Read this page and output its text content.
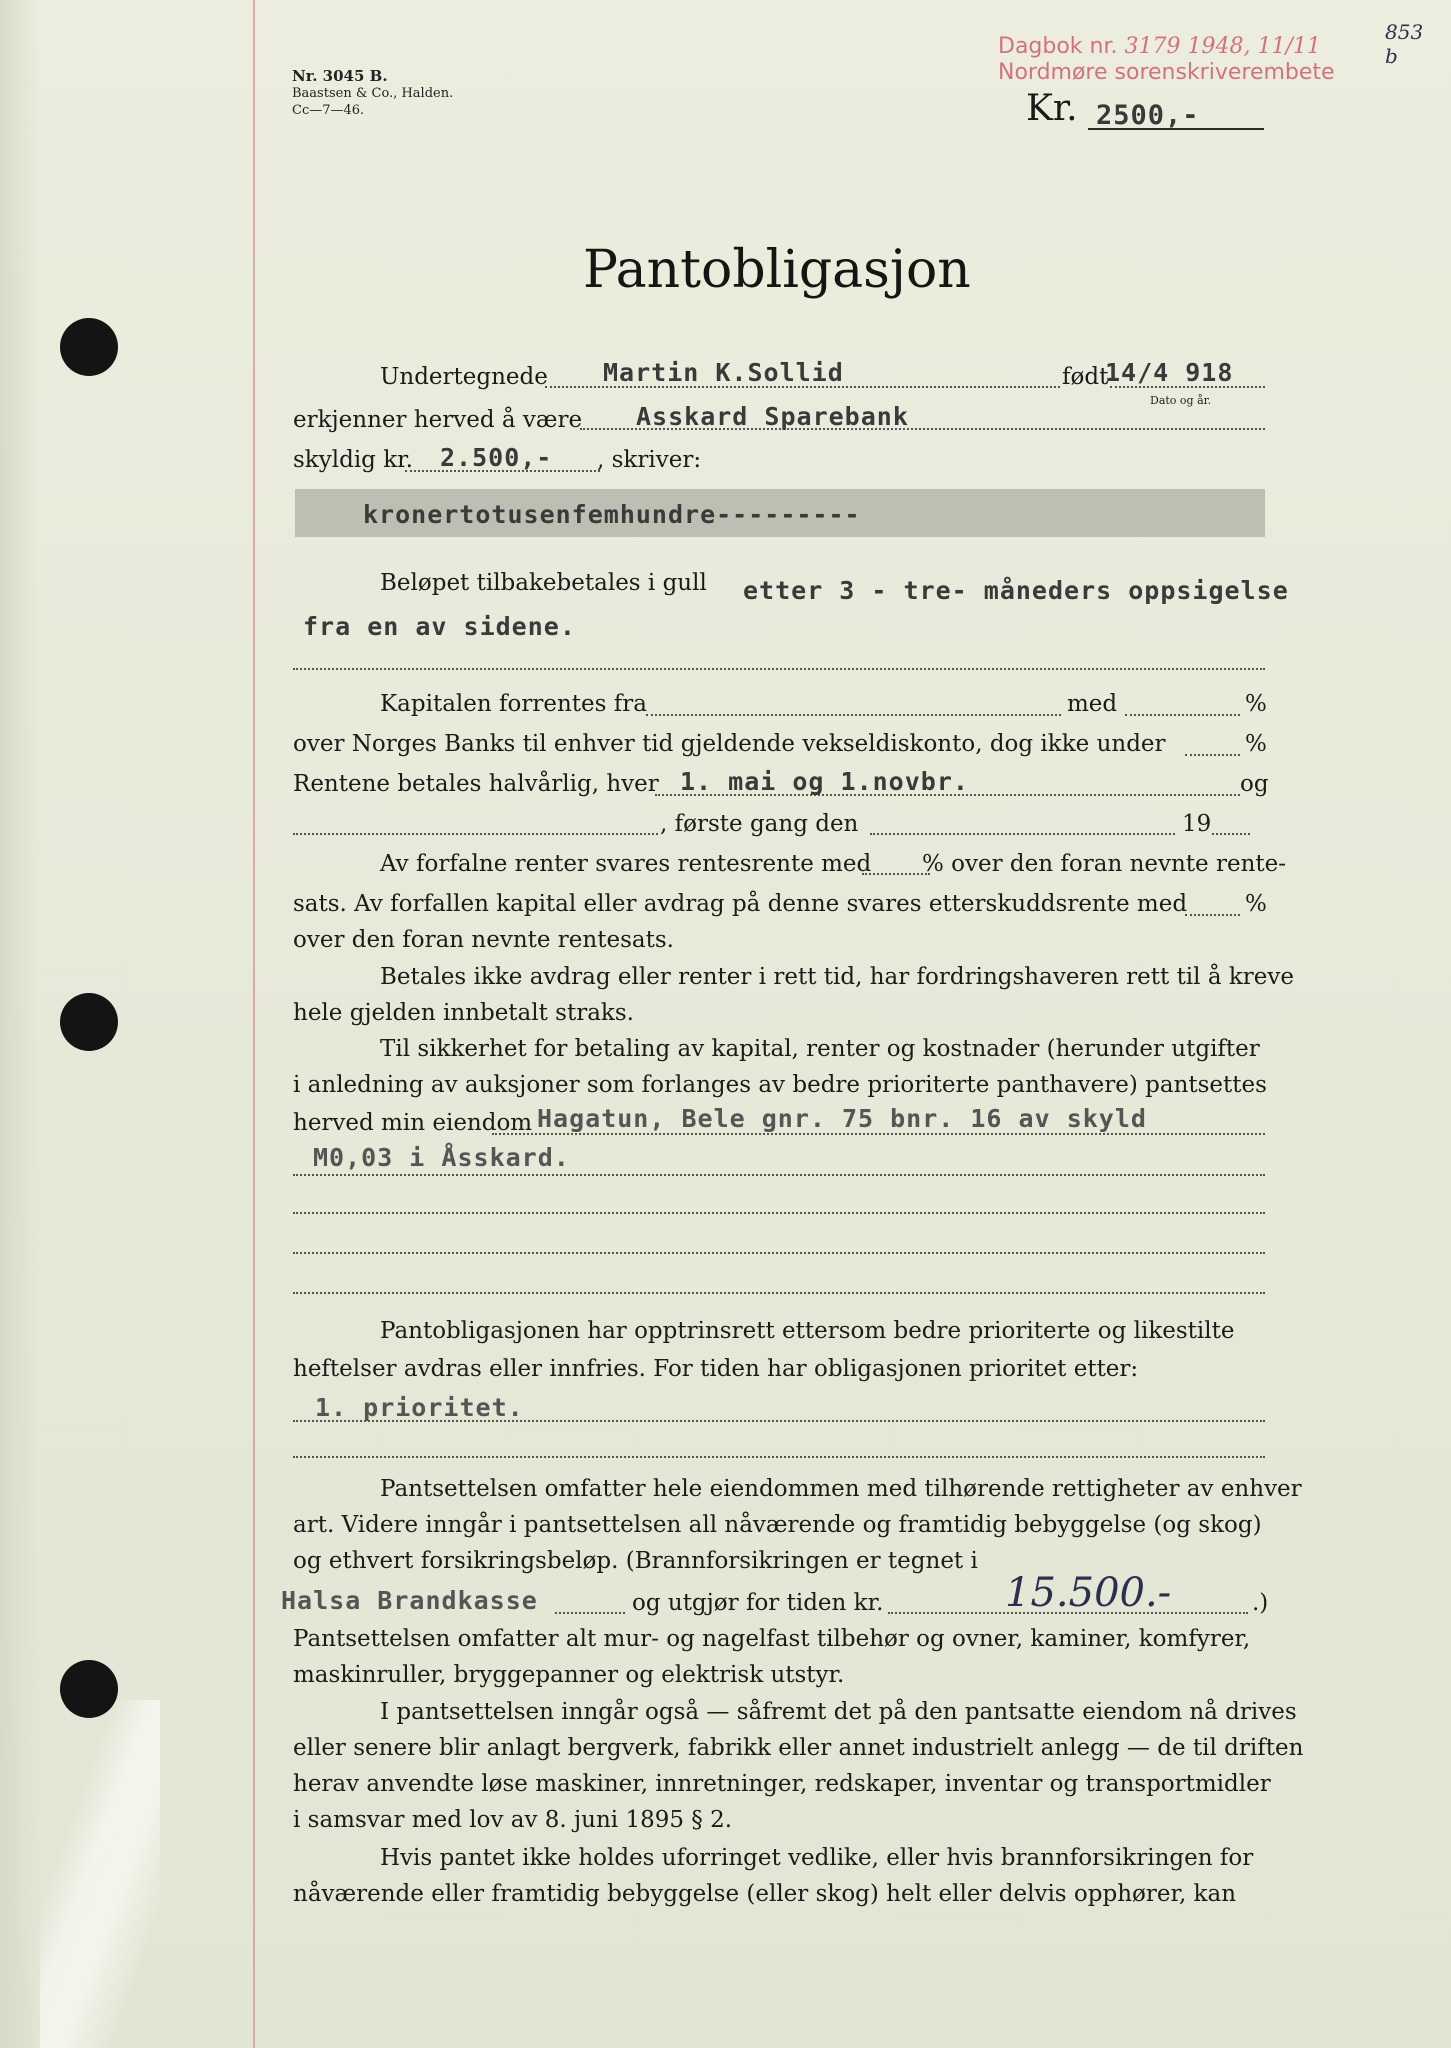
Nr. 3045 B.
Baastsen & Co., Halden.
Cc—7—46.
Dagbok nr. 3179 1948, 11/11
Nordmøre sorenskriverembete
853 b
Kr. 2500,-
Pantobligasjon
Undertegnede Martin K.Sollid	født
14/4 918
Dato og år.
erkjenner herved å være Asskard Sparebank
skyldig kr. 2.500,- , skriver:
kronertotusenfemhundre---------
Beløpet tilbakebetales i gull etter 3 - tre- måneders oppsigelse
fra en av sidene.
Kapitalen forrentes fra	med	%
over Norges Banks til enhver tid gjeldende vekseldiskonto, dog ikke under	%
Rentene betales halvårlig, hver 1. mai og 1.novbr.	og
, første gang den	19
Av forfalne renter svares rentesrente med % over den foran nevnte rente-
sats. Av forfallen kapital eller avdrag på denne svares etterskuddsrente med	%
over den foran nevnte rentesats.
Betales ikke avdrag eller renter i rett tid, har fordringshaveren rett til å kreve
hele gjelden innbetalt straks.
Til sikkerhet for betaling av kapital, renter og kostnader (herunder utgifter
i anledning av auksjoner som forlanges av bedre prioriterte panthavere) pantsettes
herved min eiendom Hagatun, Bele gnr. 75 bnr. 16 av skyld
M0,03 i Åsskard.
Pantobligasjonen har opptrinsrett ettersom bedre prioriterte og likestilte
heftelser avdras eller innfries. For tiden har obligasjonen prioritet etter:
1. prioritet.
Pantsettelsen omfatter hele eiendommen med tilhørende rettigheter av enhver
art. Videre inngår i pantsettelsen all nåværende og framtidig bebyggelse (og skog)
og ethvert forsikringsbeløp. (Brannforsikringen er tegnet i
Halsa Brandkasse	og utgjør for tiden kr.	15.500.-	.)
Pantsettelsen omfatter alt mur- og nagelfast tilbehør og ovner, kaminer, komfyrer,
maskinruller, bryggepanner og elektrisk utstyr.
I pantsettelsen inngår også — såfremt det på den pantsatte eiendom nå drives
eller senere blir anlagt bergverk, fabrikk eller annet industrielt anlegg — de til driften
herav anvendte løse maskiner, innretninger, redskaper, inventar og transportmidler
i samsvar med lov av 8. juni 1895 § 2.
Hvis pantet ikke holdes uforringet vedlike, eller hvis brannforsikringen for
nåværende eller framtidig bebyggelse (eller skog) helt eller delvis opphører, kan
